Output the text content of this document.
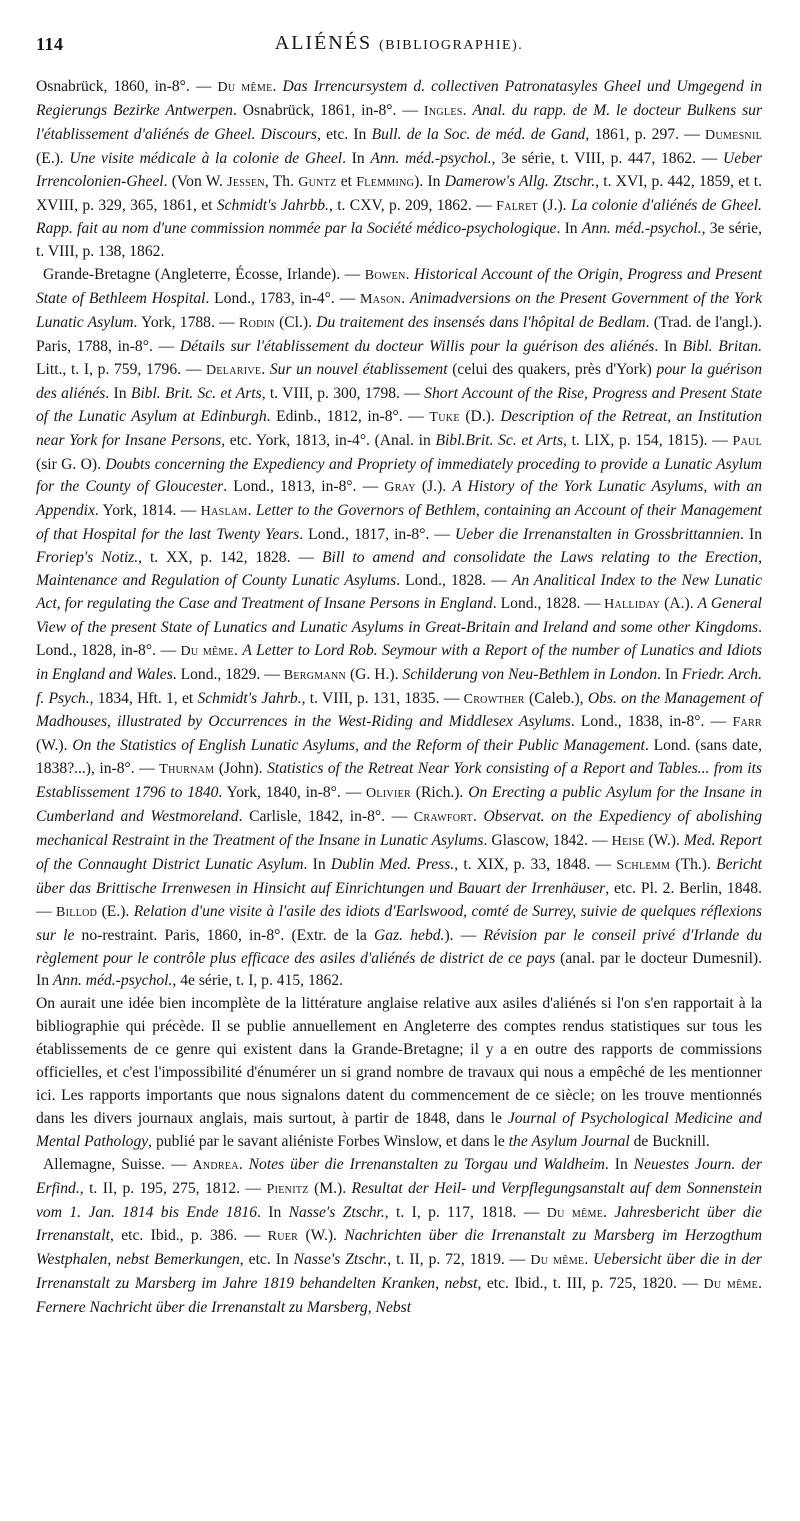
114	ALIÉNÉS (BIBLIOGRAPHIE).

Osnabrück, 1860, in-8°. — Du même. Das Irrencursystem d. collectiven Patronatasyles Gheel und Umgegend in Regierungs Bezirke Antwerpen. Osnabrück, 1861, in-8°. — Ingles. Anal. du rapp. de M. le docteur Bulkens sur l'établissement d'aliénés de Gheel. Discours, etc. In Bull. de la Soc. de méd. de Gand, 1861, p. 297. — Dumesnil (E.). Une visite médicale à la colonie de Gheel. In Ann. méd.-psychol., 3e série, t. VIII, p. 447, 1862. — Ueber Irrencolonien-Gheel. (Von W. Jessen, Th. Guntz et Flemming). In Damerow's Allg. Ztschr., t. XVI, p. 442, 1859, et t. XVIII, p. 329, 365, 1861, et Schmidt's Jahrbb., t. CXV, p. 209, 1862. — Falret (J.). La colonie d'aliénés de Gheel. Rapp. fait au nom d'une commission nommée par la Société médico-psychologique. In Ann. méd.-psychol., 3e série, t. VIII, p. 138, 1862.

Grande-Bretagne (Angleterre, Écosse, Irlande). — Bowen. Historical Account of the Origin, Progress and Present State of Bethleem Hospital. Lond., 1783, in-4°. — Mason. Animadversions on the Present Government of the York Lunatic Asylum. York, 1788. — Rodin (Cl.). Du traitement des insensés dans l'hôpital de Bedlam. (Trad. de l'angl.). Paris, 1788, in-8°. — Détails sur l'établissement du docteur Willis pour la guérison des aliénés. In Bibl. Britan. Litt., t. I, p. 759, 1796. — Delarive. Sur un nouvel établissement (celui des quakers, près d'York) pour la guérison des aliénés. In Bibl. Brit. Sc. et Arts, t. VIII, p. 300, 1798. — Short Account of the Rise, Progress and Present State of the Lunatic Asylum at Edinburgh. Edinb., 1812, in-8°. — Tuke (D.). Description of the Retreat, an Institution near York for Insane Persons, etc. York, 1813, in-4°. (Anal. in Bibl.Brit. Sc. et Arts, t. LIX, p. 154, 1815). — Paul (sir G. O). Doubts concerning the Expediency and Propriety of immediately proceding to provide a Lunatic Asylum for the County of Gloucester. Lond., 1813, in-8°. — Gray (J.). A History of the York Lunatic Asylums, with an Appendix. York, 1814. — Haslam. Letter to the Governors of Bethlem, containing an Account of their Management of that Hospital for the last Twenty Years. Lond., 1817, in-8°. — Ueber die Irrenanstalten in Grossbrittannien. In Froriep's Notiz., t. XX, p. 142, 1828. — Bill to amend and consolidate the Laws relating to the Erection, Maintenance and Regulation of County Lunatic Asylums. Lond., 1828. — An Analitical Index to the New Lunatic Act, for regulating the Case and Treatment of Insane Persons in England. Lond., 1828. — Halliday (A.). A General View of the present State of Lunatics and Lunatic Asylums in Great-Britain and Ireland and some other Kingdoms. Lond., 1828, in-8°. — Du même. A Letter to Lord Rob. Seymour with a Report of the number of Lunatics and Idiots in England and Wales. Lond., 1829. — Bergmann (G. H.). Schilderung von Neu-Bethlem in London. In Friedr. Arch. f. Psych., 1834, Hft. 1, et Schmidt's Jahrb., t. VIII, p. 131, 1835. — Crowther (Caleb.), Obs. on the Management of Madhouses, illustrated by Occurrences in the West-Riding and Middlesex Asylums. Lond., 1838, in-8°. — Farr (W.). On the Statistics of English Lunatic Asylums, and the Reform of their Public Management. Lond. (sans date, 1838?...), in-8°. — Thurnam (John). Statistics of the Retreat Near York consisting of a Report and Tables... from its Establissement 1796 to 1840. York, 1840, in-8°. — Olivier (Rich.). On Erecting a public Asylum for the Insane in Cumberland and Westmoreland. Carlisle, 1842, in-8°. — Crawfort. Observat. on the Expediency of abolishing mechanical Restraint in the Treatment of the Insane in Lunatic Asylums. Glascow, 1842. — Heise (W.). Med. Report of the Connaught District Lunatic Asylum. In Dublin Med. Press., t. XIX, p. 33, 1848. — Schlemm (Th.). Bericht über das Brittische Irrenwesen in Hinsicht auf Einrichtungen und Bauart der Irrenhäuser, etc. Pl. 2. Berlin, 1848. — Billod (E.). Relation d'une visite à l'asile des idiots d'Earlswood, comté de Surrey, suivie de quelques réflexions sur le no-restraint. Paris, 1860, in-8°. (Extr. de la Gaz. hebd.). — Révision par le conseil privé d'Irlande du règlement pour le contrôle plus efficace des asiles d'aliénés de district de ce pays (anal. par le docteur Dumesnil). In Ann. méd.-psychol., 4e série, t. I, p. 415, 1862.

On aurait une idée bien incomplète de la littérature anglaise relative aux asiles d'aliénés si l'on s'en rapportait à la bibliographie qui précède. Il se publie annuellement en Angleterre des comptes rendus statistiques sur tous les établissements de ce genre qui existent dans la Grande-Bretagne; il y a en outre des rapports de commissions officielles, et c'est l'impossibilité d'énumérer un si grand nombre de travaux qui nous a empêché de les mentionner ici. Les rapports importants que nous signalons datent du commencement de ce siècle; on les trouve mentionnés dans les divers journaux anglais, mais surtout, à partir de 1848, dans le Journal of Psychological Medicine and Mental Pathology, publié par le savant aliéniste Forbes Winslow, et dans le the Asylum Journal de Bucknill.

Allemagne, Suisse. — Andrea. Notes über die Irrenanstalten zu Torgau und Waldheim. In Neuestes Journ. der Erfind., t. II, p. 195, 275, 1812. — Pienitz (M.). Resultat der Heil- und Verpflegungsanstalt auf dem Sonnenstein vom 1. Jan. 1814 bis Ende 1816. In Nasse's Ztschr., t. I, p. 117, 1818. — Du même. Jahresbericht über die Irrenanstalt, etc. Ibid., p. 386. — Ruer (W.). Nachrichten über die Irrenanstalt zu Marsberg im Herzogthum Westphalen, nebst Bemerkungen, etc. In Nasse's Ztschr., t. II, p. 72, 1819. — Du même. Uebersicht über die in der Irrenanstalt zu Marsberg im Jahre 1819 behandelten Kranken, nebst, etc. Ibid., t. III, p. 725, 1820. — Du même. Fernere Nachricht über die Irrenanstalt zu Marsberg, Nebst
